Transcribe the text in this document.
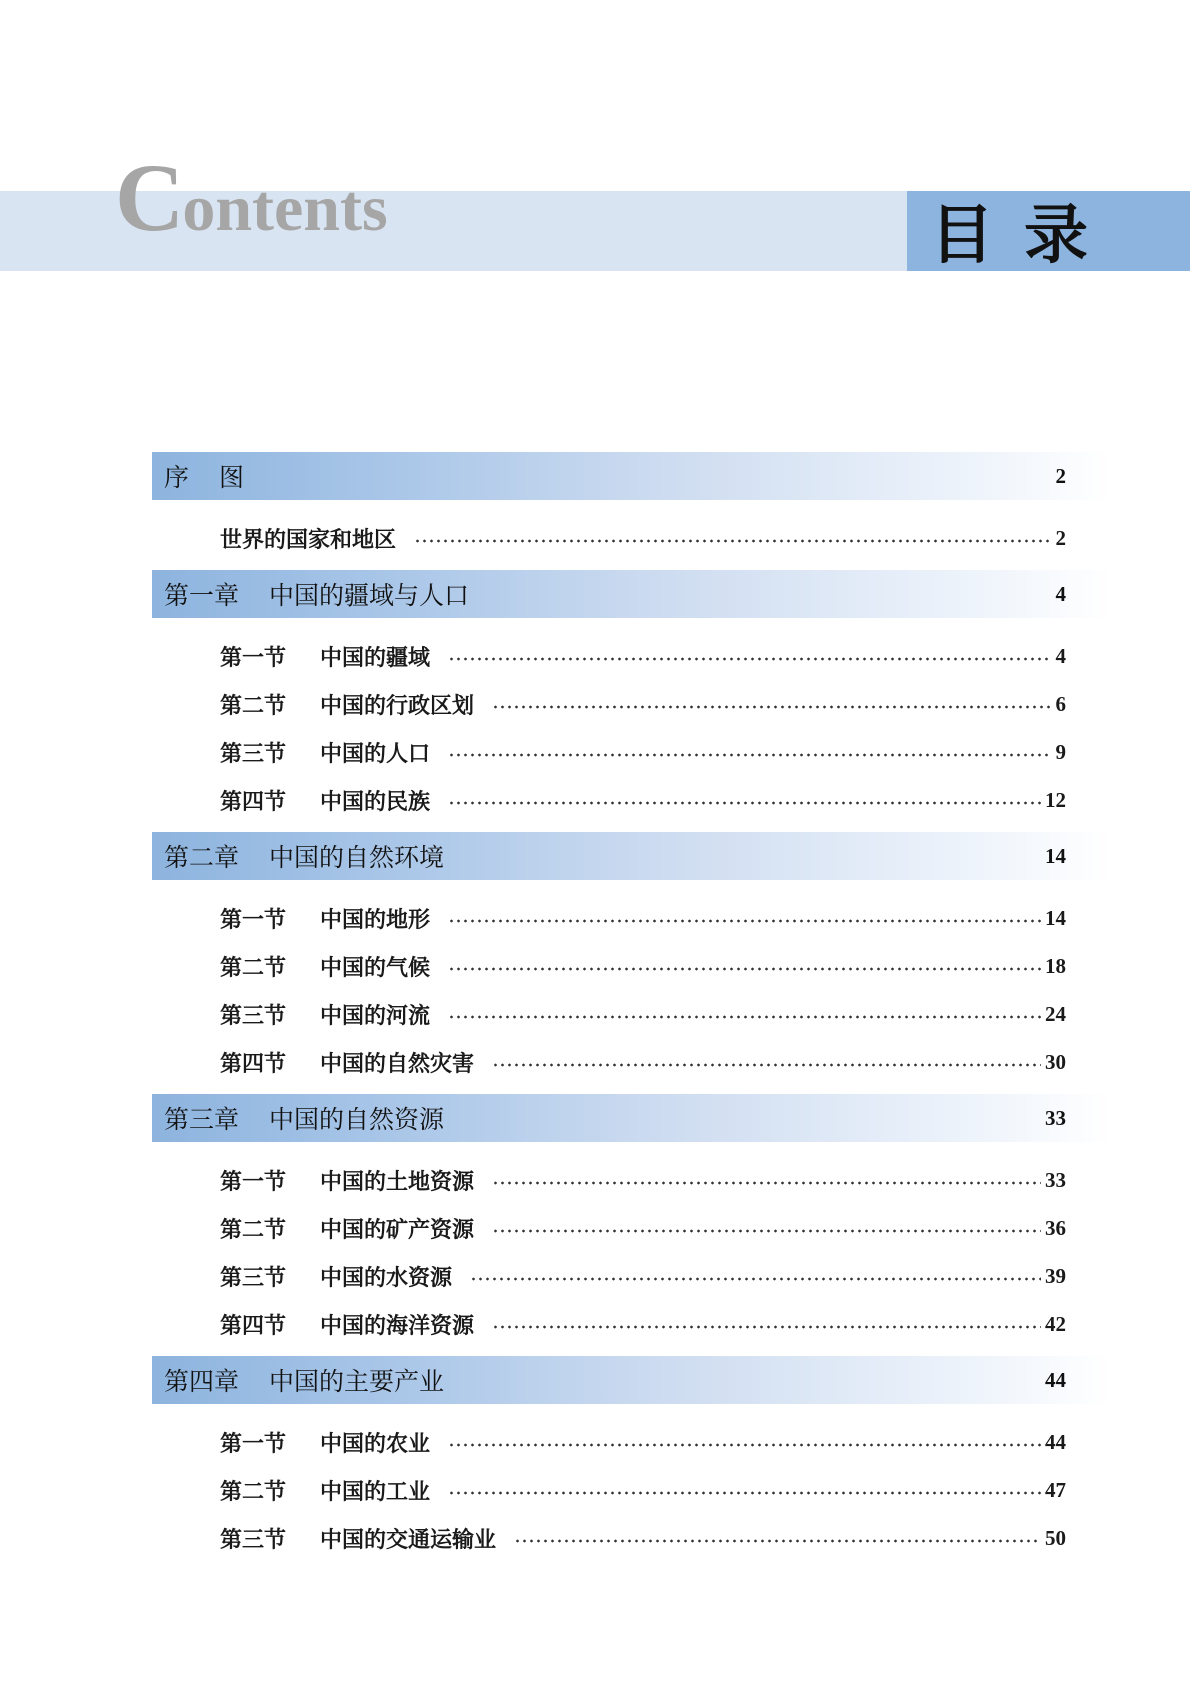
Contents	目录
序 图	2
世界的国家和地区	2
第一章 中国的疆域与人口	4
第一节	中国的疆域	4
第二节	中国的行政区划	6
第三节	中国的人口	9
第四节	中国的民族	12
第二章 中国的自然环境	14
第一节	中国的地形	14
第二节	中国的气候	18
第三节	中国的河流	24
第四节	中国的自然灾害	30
第三章 中国的自然资源	33
第一节	中国的土地资源	33
第二节	中国的矿产资源	36
第三节	中国的水资源	39
第四节	中国的海洋资源	42
第四章 中国的主要产业	44
第一节	中国的农业	44
第二节	中国的工业	47
第三节	中国的交通运输业	50
